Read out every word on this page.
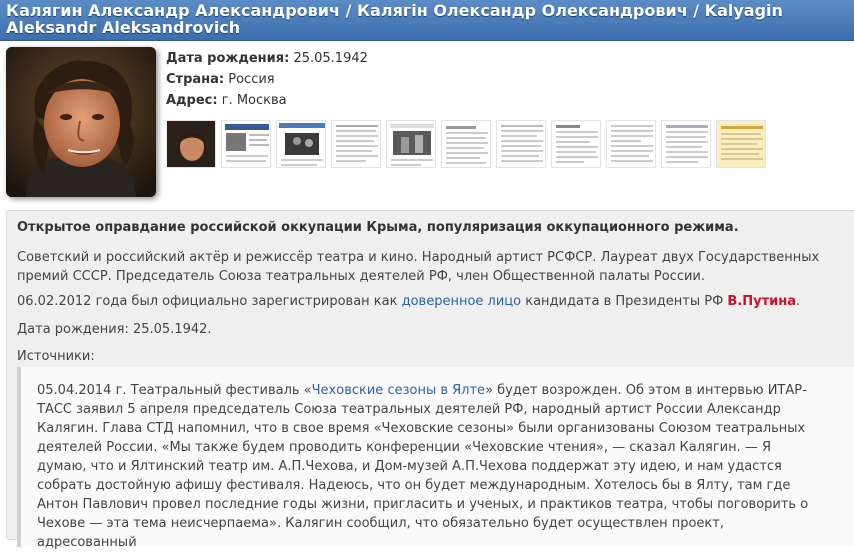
Калягин Александр Александрович / Калягiн Олександр Олександрович / Kalyagin Aleksandr Aleksandrovich
Дата рождения: 25.05.1942
Страна: Россия
Адрес: г. Москва

Открытое оправдание российской оккупации Крыма, популяризация оккупационного режима.

Советский и российский актёр и режиссёр театра и кино. Народный артист РСФСР. Лауреат двух Государственных премий СССР. Председатель Союза театральных деятелей РФ, член Общественной палаты России.

06.02.2012 года был официально зарегистрирован как доверенное лицо кандидата в Президенты РФ В.Путина.

Дата рождения: 25.05.1942.

Источники:

05.04.2014 г. Театральный фестиваль «Чеховские сезоны в Ялте» будет возрожден. Об этом в интервью ИТАР-ТАСС заявил 5 апреля председатель Союза театральных деятелей РФ, народный артист России Александр Калягин. Глава СТД напомнил, что в свое время «Чеховские сезоны» были организованы Союзом театральных деятелей России. «Мы также будем проводить конференции «Чеховские чтения», — сказал Калягин. — Я думаю, что и Ялтинский театр им. А.П.Чехова, и Дом-музей А.П.Чехова поддержат эту идею, и нам удастся собрать достойную афишу фестиваля. Надеюсь, что он будет международным. Хотелось бы в Ялту, там где Антон Павлович провел последние годы жизни, пригласить и ученых, и практиков театра, чтобы поговорить о Чехове — эта тема неисчерпаема». Калягин сообщил, что обязательно будет осуществлен проект, адресованный
